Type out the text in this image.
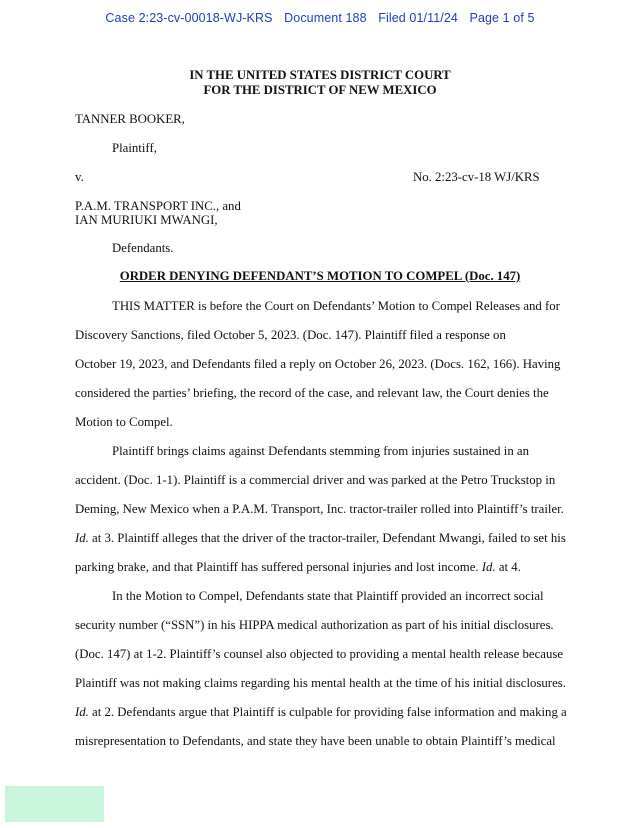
Case 2:23-cv-00018-WJ-KRS Document 188 Filed 01/11/24 Page 1 of 5
IN THE UNITED STATES DISTRICT COURT
FOR THE DISTRICT OF NEW MEXICO
TANNER BOOKER,
Plaintiff,
v.	No. 2:23-cv-18 WJ/KRS
P.A.M. TRANSPORT INC., and
IAN MURIUKI MWANGI,
Defendants.
ORDER DENYING DEFENDANT’S MOTION TO COMPEL (Doc. 147)
THIS MATTER is before the Court on Defendants’ Motion to Compel Releases and for
Discovery Sanctions, filed October 5, 2023. (Doc. 147). Plaintiff filed a response on
October 19, 2023, and Defendants filed a reply on October 26, 2023. (Docs. 162, 166). Having
considered the parties’ briefing, the record of the case, and relevant law, the Court denies the
Motion to Compel.
Plaintiff brings claims against Defendants stemming from injuries sustained in an
accident. (Doc. 1-1). Plaintiff is a commercial driver and was parked at the Petro Truckstop in
Deming, New Mexico when a P.A.M. Transport, Inc. tractor-trailer rolled into Plaintiff’s trailer.
Id. at 3. Plaintiff alleges that the driver of the tractor-trailer, Defendant Mwangi, failed to set his
parking brake, and that Plaintiff has suffered personal injuries and lost income. Id. at 4.
In the Motion to Compel, Defendants state that Plaintiff provided an incorrect social
security number (“SSN”) in his HIPPA medical authorization as part of his initial disclosures.
(Doc. 147) at 1-2. Plaintiff’s counsel also objected to providing a mental health release because
Plaintiff was not making claims regarding his mental health at the time of his initial disclosures.
Id. at 2. Defendants argue that Plaintiff is culpable for providing false information and making a
misrepresentation to Defendants, and state they have been unable to obtain Plaintiff’s medical
